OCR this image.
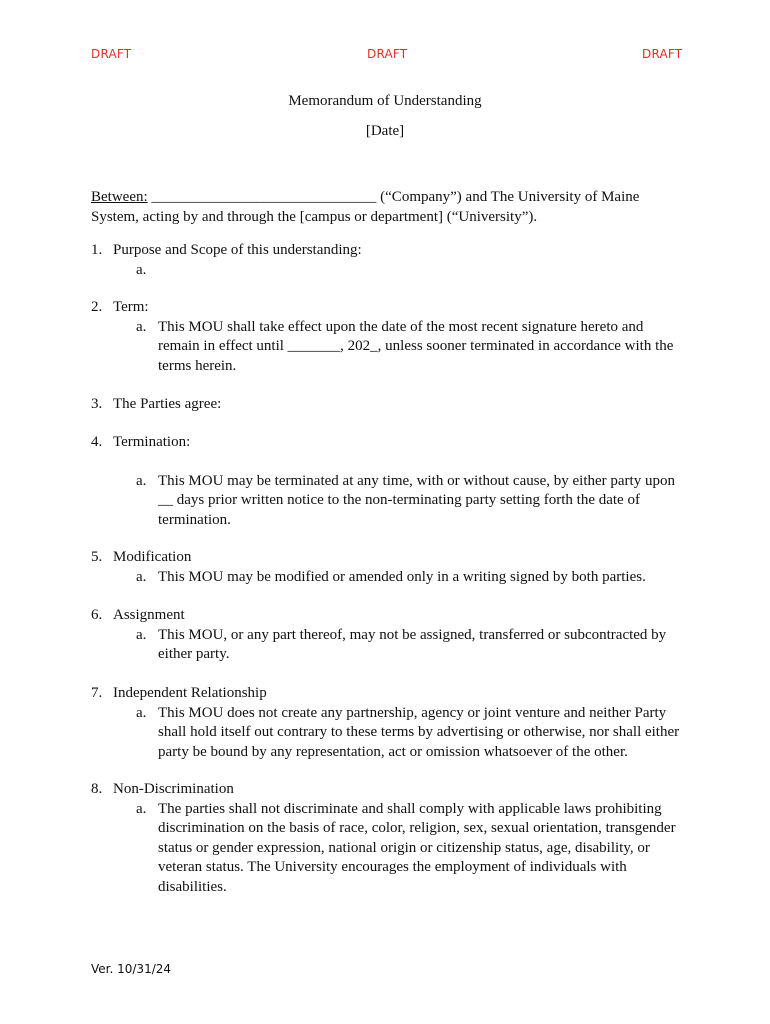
DRAFT	DRAFT	DRAFT
Memorandum of Understanding
[Date]
Between: ______________________________ (“Company”) and The University of Maine System, acting by and through the [campus or department] (“University”).
1. Purpose and Scope of this understanding:
a.

2. Term:
a. This MOU shall take effect upon the date of the most recent signature hereto and remain in effect until _______, 202_, unless sooner terminated in accordance with the terms herein.
3. The Parties agree:
4. Termination:
a. This MOU may be terminated at any time, with or without cause, by either party upon __ days prior written notice to the non-terminating party setting forth the date of termination.
5. Modification
a. This MOU may be modified or amended only in a writing signed by both parties.
6. Assignment
a. This MOU, or any part thereof, may not be assigned, transferred or subcontracted by either party.
7. Independent Relationship
a. This MOU does not create any partnership, agency or joint venture and neither Party shall hold itself out contrary to these terms by advertising or otherwise, nor shall either party be bound by any representation, act or omission whatsoever of the other.
8. Non-Discrimination
a. The parties shall not discriminate and shall comply with applicable laws prohibiting discrimination on the basis of race, color, religion, sex, sexual orientation, transgender status or gender expression, national origin or citizenship status, age, disability, or veteran status. The University encourages the employment of individuals with disabilities.
Ver. 10/31/24
